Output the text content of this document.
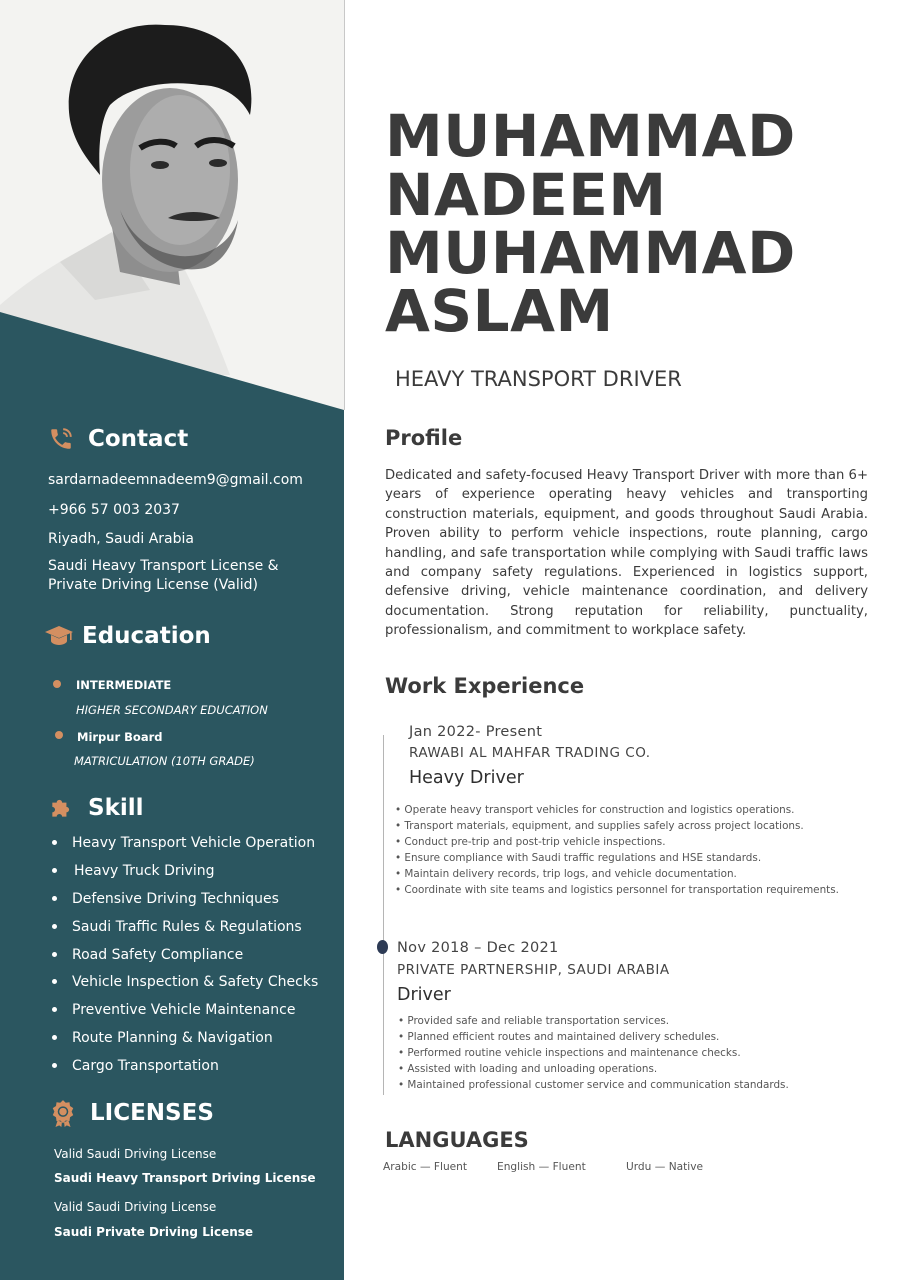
Contact
sardarnadeemnadeem9@gmail.com
+966 57 003 2037
Riyadh, Saudi Arabia
Saudi Heavy Transport License &
Private Driving License (Valid)
Education
INTERMEDIATE
HIGHER SECONDARY EDUCATION
Mirpur Board
MATRICULATION (10TH GRADE)
Skill
Heavy Transport Vehicle Operation
Heavy Truck Driving
Defensive Driving Techniques
Saudi Traffic Rules & Regulations
Road Safety Compliance
Vehicle Inspection & Safety Checks
Preventive Vehicle Maintenance
Route Planning & Navigation
Cargo Transportation
LICENSES
Valid Saudi Driving License
Saudi Heavy Transport Driving License
Valid Saudi Driving License
Saudi Private Driving License
MUHAMMAD
NADEEM
MUHAMMAD
ASLAM
HEAVY TRANSPORT DRIVER
Profile

Dedicated and safety-focused Heavy Transport Driver with more than 6+ years of experience operating heavy vehicles and transporting construction materials, equipment, and goods throughout Saudi Arabia. Proven ability to perform vehicle inspections, route planning, cargo handling, and safe transportation while complying with Saudi traffic laws and company safety regulations. Experienced in logistics support, defensive driving, vehicle maintenance coordination, and delivery documentation. Strong reputation for reliability, punctuality, professionalism, and commitment to workplace safety.

Work Experience
Jan 2022- Present
RAWABI AL MAHFAR TRADING CO.
Heavy Driver
• Operate heavy transport vehicles for construction and logistics operations.
• Transport materials, equipment, and supplies safely across project locations.
• Conduct pre-trip and post-trip vehicle inspections.
• Ensure compliance with Saudi traffic regulations and HSE standards.
• Maintain delivery records, trip logs, and vehicle documentation.
• Coordinate with site teams and logistics personnel for transportation requirements.
Nov 2018 – Dec 2021
PRIVATE PARTNERSHIP, SAUDI ARABIA
Driver
• Provided safe and reliable transportation services.
• Planned efficient routes and maintained delivery schedules.
• Performed routine vehicle inspections and maintenance checks.
• Assisted with loading and unloading operations.
• Maintained professional customer service and communication standards.
LANGUAGES
Arabic — Fluent	English — Fluent	Urdu — Native
